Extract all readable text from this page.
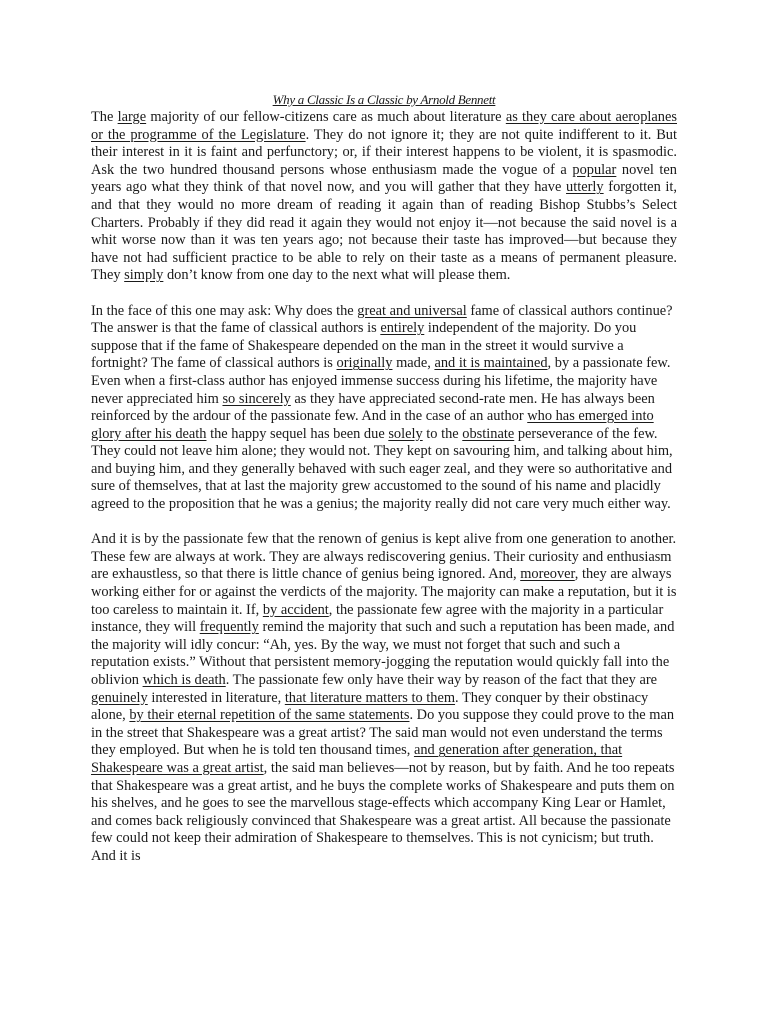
Why a Classic Is a Classic by Arnold Bennett

The large majority of our fellow-citizens care as much about literature as they care about aeroplanes or the programme of the Legislature. They do not ignore it; they are not quite indifferent to it. But their interest in it is faint and perfunctory; or, if their interest happens to be violent, it is spasmodic. Ask the two hundred thousand persons whose enthusiasm made the vogue of a popular novel ten years ago what they think of that novel now, and you will gather that they have utterly forgotten it, and that they would no more dream of reading it again than of reading Bishop Stubbs’s Select Charters. Probably if they did read it again they would not enjoy it—not because the said novel is a whit worse now than it was ten years ago; not because their taste has improved—but because they have not had sufficient practice to be able to rely on their taste as a means of permanent pleasure. They simply don’t know from one day to the next what will please them.

In the face of this one may ask: Why does the great and universal fame of classical authors continue? The answer is that the fame of classical authors is entirely independent of the majority. Do you suppose that if the fame of Shakespeare depended on the man in the street it would survive a fortnight? The fame of classical authors is originally made, and it is maintained, by a passionate few. Even when a first-class author has enjoyed immense success during his lifetime, the majority have never appreciated him so sincerely as they have appreciated second-rate men. He has always been reinforced by the ardour of the passionate few. And in the case of an author who has emerged into glory after his death the happy sequel has been due solely to the obstinate perseverance of the few. They could not leave him alone; they would not. They kept on savouring him, and talking about him, and buying him, and they generally behaved with such eager zeal, and they were so authoritative and sure of themselves, that at last the majority grew accustomed to the sound of his name and placidly agreed to the proposition that he was a genius; the majority really did not care very much either way.

And it is by the passionate few that the renown of genius is kept alive from one generation to another. These few are always at work. They are always rediscovering genius. Their curiosity and enthusiasm are exhaustless, so that there is little chance of genius being ignored. And, moreover, they are always working either for or against the verdicts of the majority. The majority can make a reputation, but it is too careless to maintain it. If, by accident, the passionate few agree with the majority in a particular instance, they will frequently remind the majority that such and such a reputation has been made, and the majority will idly concur: “Ah, yes. By the way, we must not forget that such and such a reputation exists.” Without that persistent memory-jogging the reputation would quickly fall into the oblivion which is death. The passionate few only have their way by reason of the fact that they are genuinely interested in literature, that literature matters to them. They conquer by their obstinacy alone, by their eternal repetition of the same statements. Do you suppose they could prove to the man in the street that Shakespeare was a great artist? The said man would not even understand the terms they employed. But when he is told ten thousand times, and generation after generation, that Shakespeare was a great artist, the said man believes—not by reason, but by faith. And he too repeats that Shakespeare was a great artist, and he buys the complete works of Shakespeare and puts them on his shelves, and he goes to see the marvellous stage-effects which accompany King Lear or Hamlet, and comes back religiously convinced that Shakespeare was a great artist. All because the passionate few could not keep their admiration of Shakespeare to themselves. This is not cynicism; but truth. And it is
